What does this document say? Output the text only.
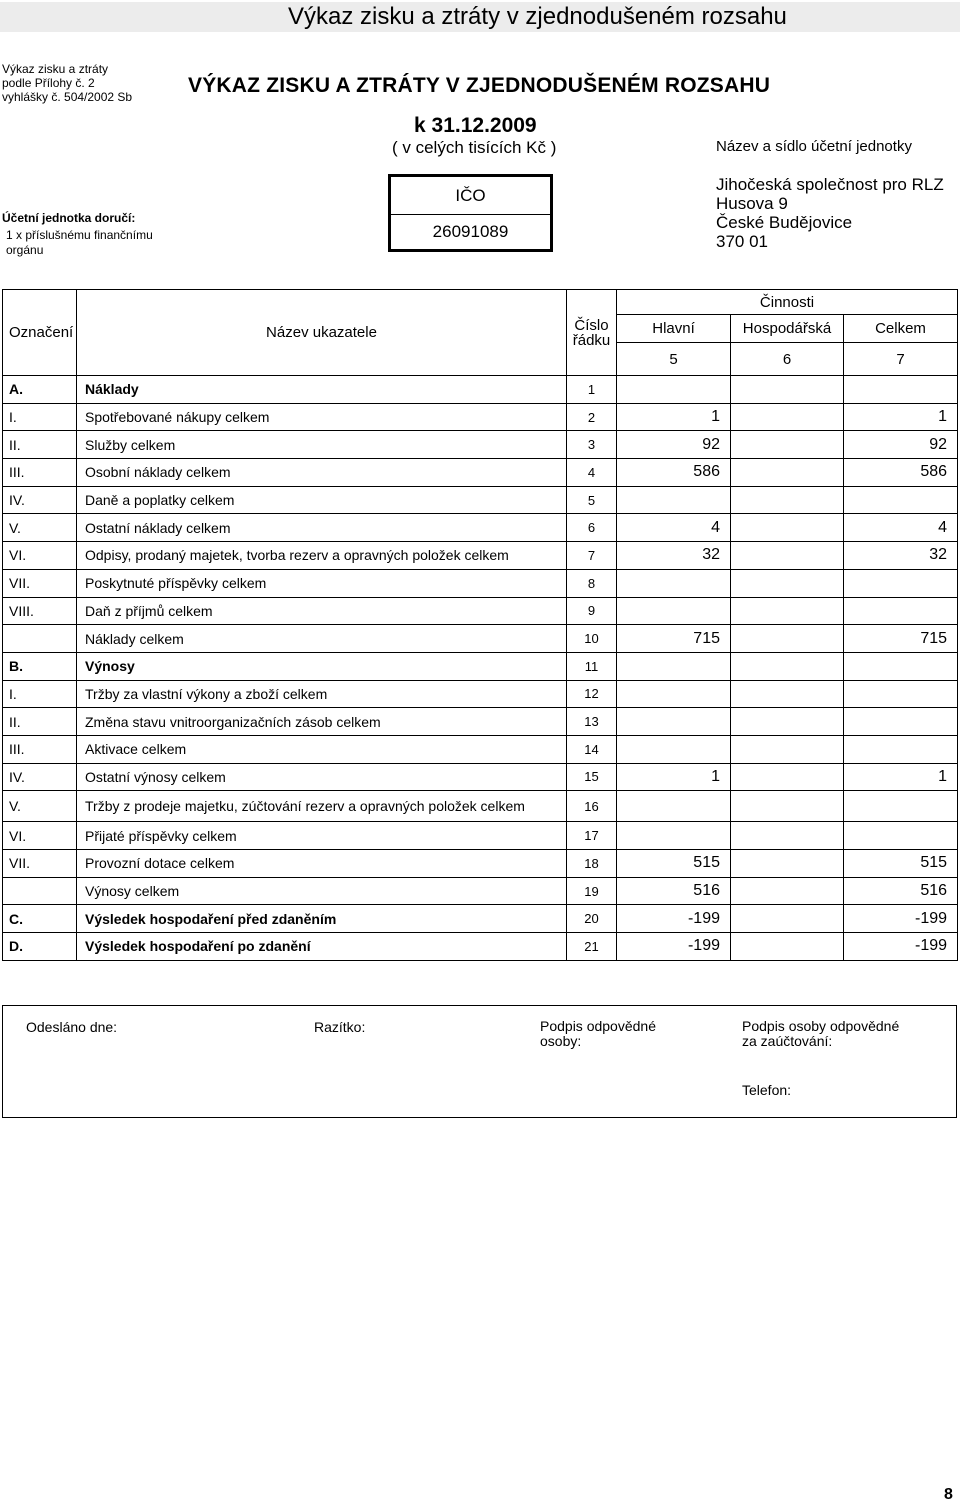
Výkaz zisku a ztráty v zjednodušeném rozsahu
Výkaz zisku a ztráty
podle Přílohy č. 2
vyhlášky č. 504/2002 Sb	VÝKAZ ZISKU A ZTRÁTY V ZJEDNODUŠENÉM ROZSAHU
k 31.12.2009
( v celých tisících Kč )
Účetní jednotka doručí:
1 x příslušnému finančnímu
orgánu
IČO
26091089
Název a sídlo účetní jednotky
Jihočeská společnost pro RLZ
Husova 9
České Budějovice
370 01
Označení	Název ukazatele	Číslo řádku	Činnosti		
			Hlavní	Hospodářská	Celkem
			5	6	7
A.	Náklady	1			
I.	Spotřebované nákupy celkem	2	1		1
II.	Služby celkem	3	92		92
III.	Osobní náklady celkem	4	586		586
IV.	Daně a poplatky celkem	5			
V.	Ostatní náklady celkem	6	4		4
VI.	Odpisy, prodaný majetek, tvorba rezerv a opravných položek celkem	7	32		32
VII.	Poskytnuté příspěvky celkem	8			
VIII.	Daň z příjmů celkem	9			
	Náklady celkem	10	715		715
B.	Výnosy	11			
I.	Tržby za vlastní výkony a zboží celkem	12			
II.	Změna stavu vnitroorganizačních zásob celkem	13			
III.	Aktivace celkem	14			
IV.	Ostatní výnosy celkem	15	1		1
V.	Tržby z prodeje majetku, zúčtování rezerv a opravných položek celkem	16			
VI.	Přijaté příspěvky celkem	17			
VII.	Provozní dotace celkem	18	515		515
	Výnosy celkem	19	516		516
C.	Výsledek hospodaření před zdaněním	20	-199		-199
D.	Výsledek hospodaření po zdanění	21	-199		-199
Odesláno dne:	Razítko:	Podpis odpovědné
osoby:
Podpis osoby odpovědné
za zaúčtování:
Telefon:
8
